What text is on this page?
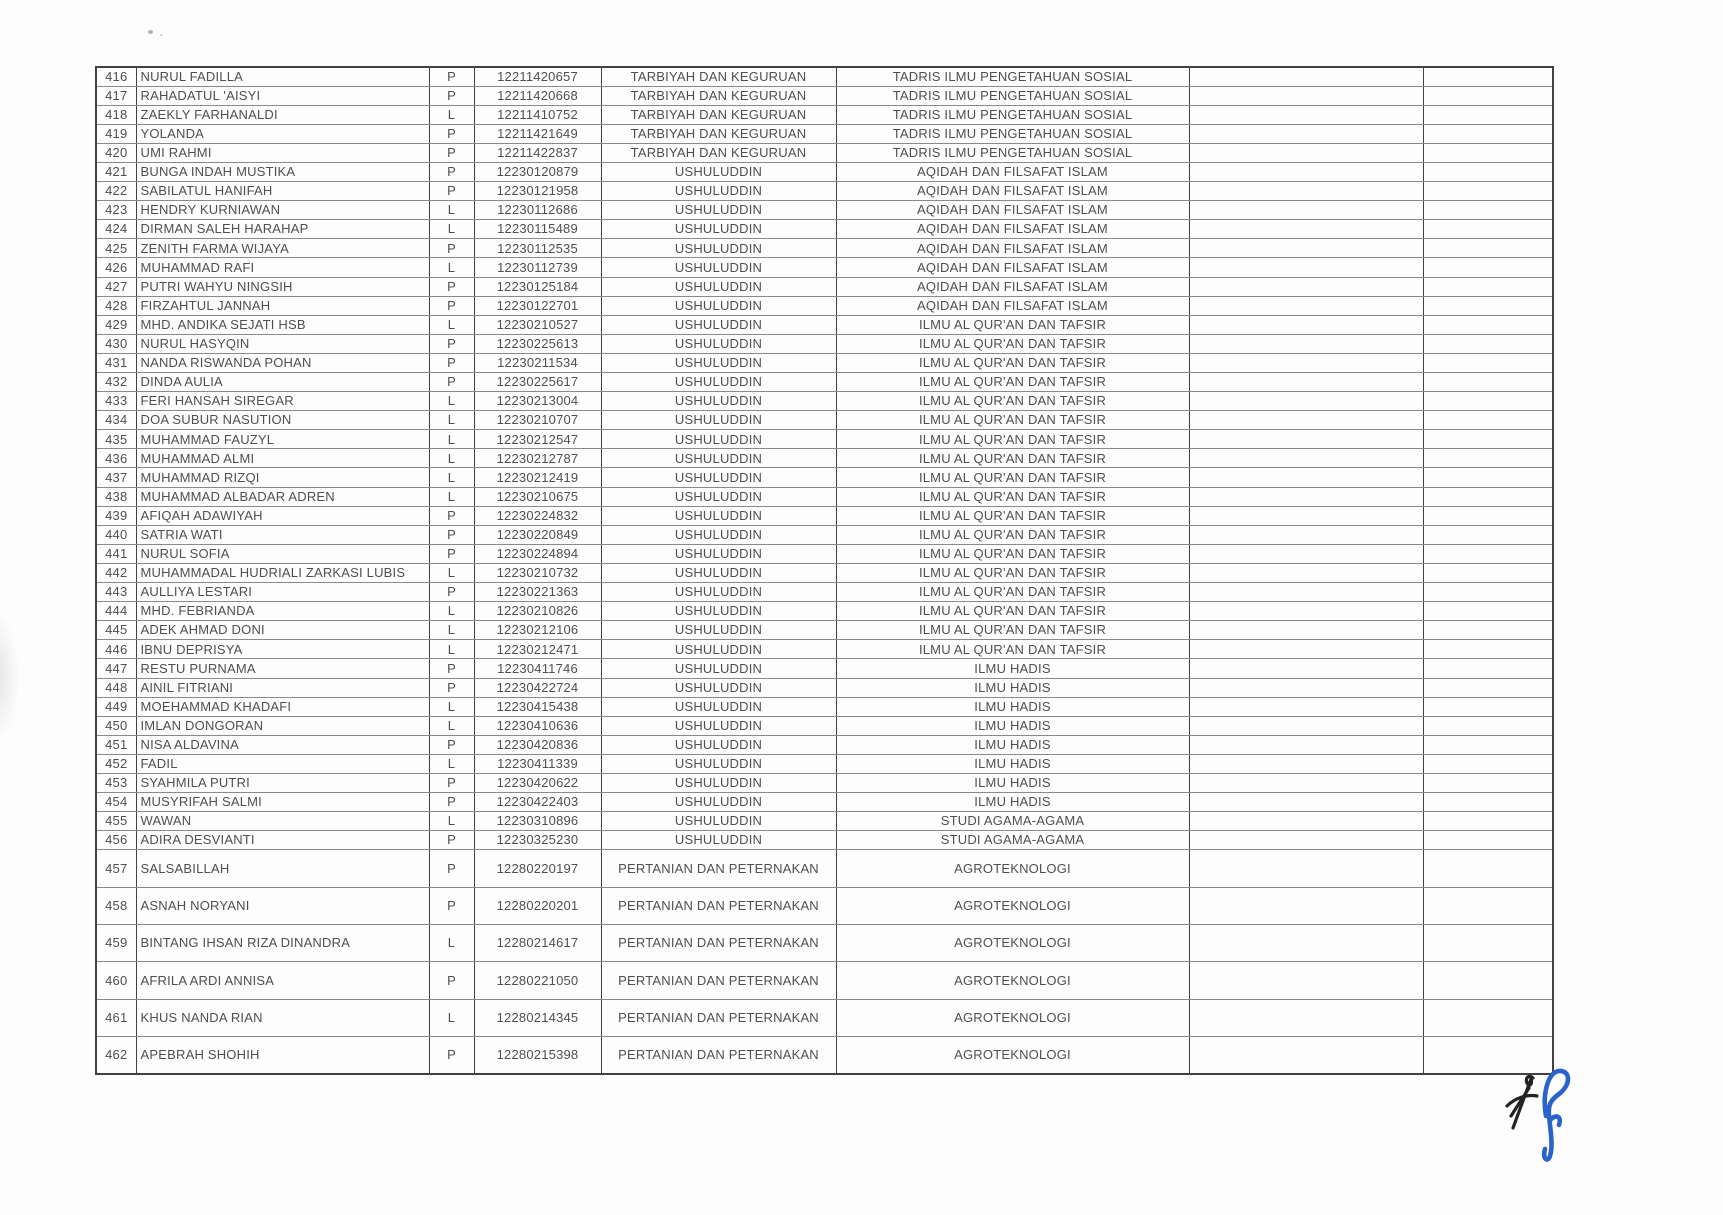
416	NURUL FADILLA	P	12211420657	TARBIYAH DAN KEGURUAN	TADRIS ILMU PENGETAHUAN SOSIAL		
417	RAHADATUL 'AISYI	P	12211420668	TARBIYAH DAN KEGURUAN	TADRIS ILMU PENGETAHUAN SOSIAL		
418	ZAEKLY FARHANALDI	L	12211410752	TARBIYAH DAN KEGURUAN	TADRIS ILMU PENGETAHUAN SOSIAL		
419	YOLANDA	P	12211421649	TARBIYAH DAN KEGURUAN	TADRIS ILMU PENGETAHUAN SOSIAL		
420	UMI RAHMI	P	12211422837	TARBIYAH DAN KEGURUAN	TADRIS ILMU PENGETAHUAN SOSIAL		
421	BUNGA INDAH MUSTIKA	P	12230120879	USHULUDDIN	AQIDAH DAN FILSAFAT ISLAM		
422	SABILATUL HANIFAH	P	12230121958	USHULUDDIN	AQIDAH DAN FILSAFAT ISLAM		
423	HENDRY KURNIAWAN	L	12230112686	USHULUDDIN	AQIDAH DAN FILSAFAT ISLAM		
424	DIRMAN SALEH HARAHAP	L	12230115489	USHULUDDIN	AQIDAH DAN FILSAFAT ISLAM		
425	ZENITH FARMA WIJAYA	P	12230112535	USHULUDDIN	AQIDAH DAN FILSAFAT ISLAM		
426	MUHAMMAD RAFI	L	12230112739	USHULUDDIN	AQIDAH DAN FILSAFAT ISLAM		
427	PUTRI WAHYU NINGSIH	P	12230125184	USHULUDDIN	AQIDAH DAN FILSAFAT ISLAM		
428	FIRZAHTUL JANNAH	P	12230122701	USHULUDDIN	AQIDAH DAN FILSAFAT ISLAM		
429	MHD. ANDIKA SEJATI HSB	L	12230210527	USHULUDDIN	ILMU AL QUR'AN DAN TAFSIR		
430	NURUL HASYQIN	P	12230225613	USHULUDDIN	ILMU AL QUR'AN DAN TAFSIR		
431	NANDA RISWANDA POHAN	P	12230211534	USHULUDDIN	ILMU AL QUR'AN DAN TAFSIR		
432	DINDA AULIA	P	12230225617	USHULUDDIN	ILMU AL QUR'AN DAN TAFSIR		
433	FERI HANSAH SIREGAR	L	12230213004	USHULUDDIN	ILMU AL QUR'AN DAN TAFSIR		
434	DOA SUBUR NASUTION	L	12230210707	USHULUDDIN	ILMU AL QUR'AN DAN TAFSIR		
435	MUHAMMAD FAUZYL	L	12230212547	USHULUDDIN	ILMU AL QUR'AN DAN TAFSIR		
436	MUHAMMAD ALMI	L	12230212787	USHULUDDIN	ILMU AL QUR'AN DAN TAFSIR		
437	MUHAMMAD RIZQI	L	12230212419	USHULUDDIN	ILMU AL QUR'AN DAN TAFSIR		
438	MUHAMMAD ALBADAR ADREN	L	12230210675	USHULUDDIN	ILMU AL QUR'AN DAN TAFSIR		
439	AFIQAH ADAWIYAH	P	12230224832	USHULUDDIN	ILMU AL QUR'AN DAN TAFSIR		
440	SATRIA WATI	P	12230220849	USHULUDDIN	ILMU AL QUR'AN DAN TAFSIR		
441	NURUL SOFIA	P	12230224894	USHULUDDIN	ILMU AL QUR'AN DAN TAFSIR		
442	MUHAMMADAL HUDRIALI ZARKASI LUBIS	L	12230210732	USHULUDDIN	ILMU AL QUR'AN DAN TAFSIR		
443	AULLIYA LESTARI	P	12230221363	USHULUDDIN	ILMU AL QUR'AN DAN TAFSIR		
444	MHD. FEBRIANDA	L	12230210826	USHULUDDIN	ILMU AL QUR'AN DAN TAFSIR		
445	ADEK AHMAD DONI	L	12230212106	USHULUDDIN	ILMU AL QUR'AN DAN TAFSIR		
446	IBNU DEPRISYA	L	12230212471	USHULUDDIN	ILMU AL QUR'AN DAN TAFSIR		
447	RESTU PURNAMA	P	12230411746	USHULUDDIN	ILMU HADIS		
448	AINIL FITRIANI	P	12230422724	USHULUDDIN	ILMU HADIS		
449	MOEHAMMAD KHADAFI	L	12230415438	USHULUDDIN	ILMU HADIS		
450	IMLAN DONGORAN	L	12230410636	USHULUDDIN	ILMU HADIS		
451	NISA ALDAVINA	P	12230420836	USHULUDDIN	ILMU HADIS		
452	FADIL	L	12230411339	USHULUDDIN	ILMU HADIS		
453	SYAHMILA PUTRI	P	12230420622	USHULUDDIN	ILMU HADIS		
454	MUSYRIFAH SALMI	P	12230422403	USHULUDDIN	ILMU HADIS		
455	WAWAN	L	12230310896	USHULUDDIN	STUDI AGAMA-AGAMA		
456	ADIRA DESVIANTI	P	12230325230	USHULUDDIN	STUDI AGAMA-AGAMA		
457	SALSABILLAH	P	12280220197	PERTANIAN DAN PETERNAKAN	AGROTEKNOLOGI		
458	ASNAH NORYANI	P	12280220201	PERTANIAN DAN PETERNAKAN	AGROTEKNOLOGI		
459	BINTANG IHSAN RIZA DINANDRA	L	12280214617	PERTANIAN DAN PETERNAKAN	AGROTEKNOLOGI		
460	AFRILA ARDI ANNISA	P	12280221050	PERTANIAN DAN PETERNAKAN	AGROTEKNOLOGI		
461	KHUS NANDA RIAN	L	12280214345	PERTANIAN DAN PETERNAKAN	AGROTEKNOLOGI		
462	APEBRAH SHOHIH	P	12280215398	PERTANIAN DAN PETERNAKAN	AGROTEKNOLOGI		
